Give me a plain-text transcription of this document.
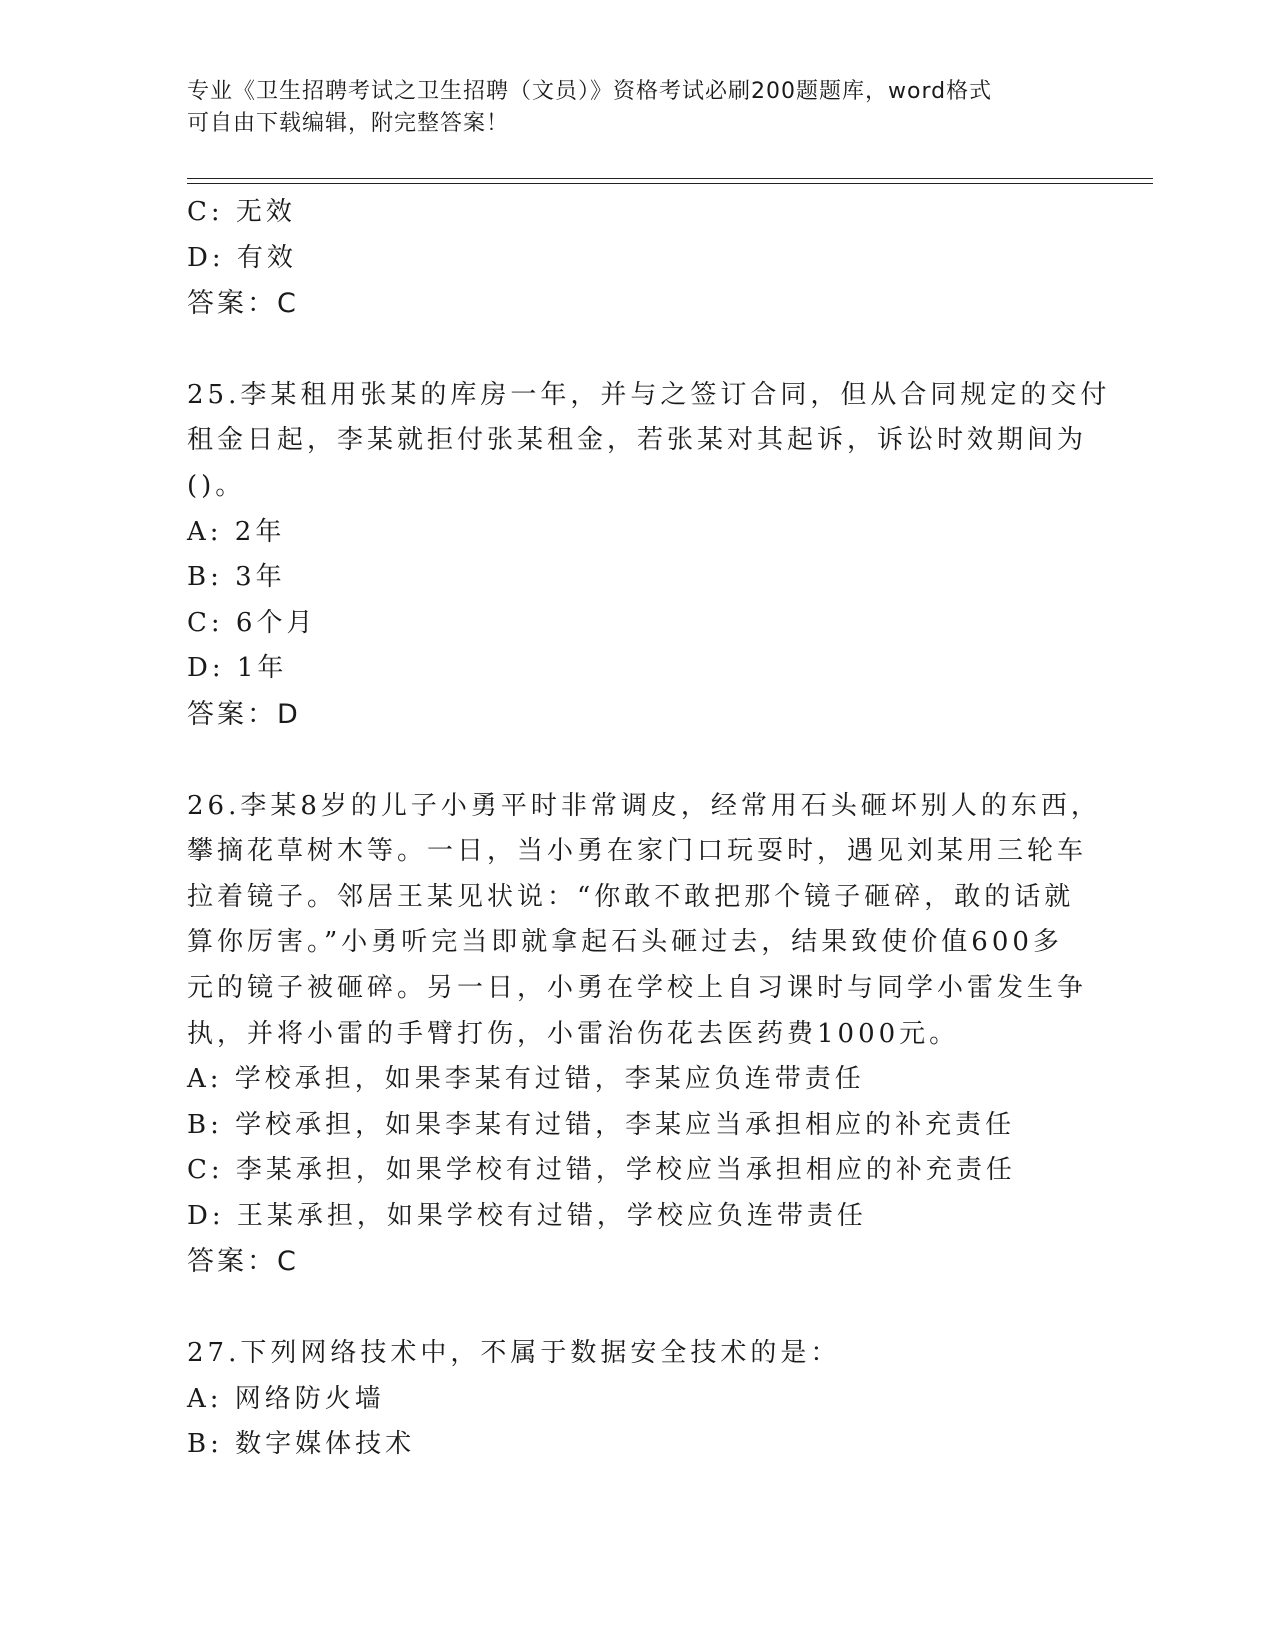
专业《卫生招聘考试之卫生招聘（文员）》资格考试必刷200题题库，word格式
可自由下载编辑，附完整答案！
C: 无效
D: 有效
答案：C
25.李某租用张某的库房一年，并与之签订合同，但从合同规定的交付
租金日起，李某就拒付张某租金，若张某对其起诉，诉讼时效期间为
()。
A: 2年
B: 3年
C: 6个月
D: 1年
答案：D
26.李某8岁的儿子小勇平时非常调皮，经常用石头砸坏别人的东西，
攀摘花草树木等。一日，当小勇在家门口玩耍时，遇见刘某用三轮车
拉着镜子。邻居王某见状说：“你敢不敢把那个镜子砸碎，敢的话就
算你厉害。”小勇听完当即就拿起石头砸过去，结果致使价值600多
元的镜子被砸碎。另一日，小勇在学校上自习课时与同学小雷发生争
执，并将小雷的手臂打伤，小雷治伤花去医药费1000元。
A: 学校承担，如果李某有过错，李某应负连带责任
B: 学校承担，如果李某有过错，李某应当承担相应的补充责任
C: 李某承担，如果学校有过错，学校应当承担相应的补充责任
D: 王某承担，如果学校有过错，学校应负连带责任
答案：C
27.下列网络技术中，不属于数据安全技术的是：
A: 网络防火墙
B: 数字媒体技术
